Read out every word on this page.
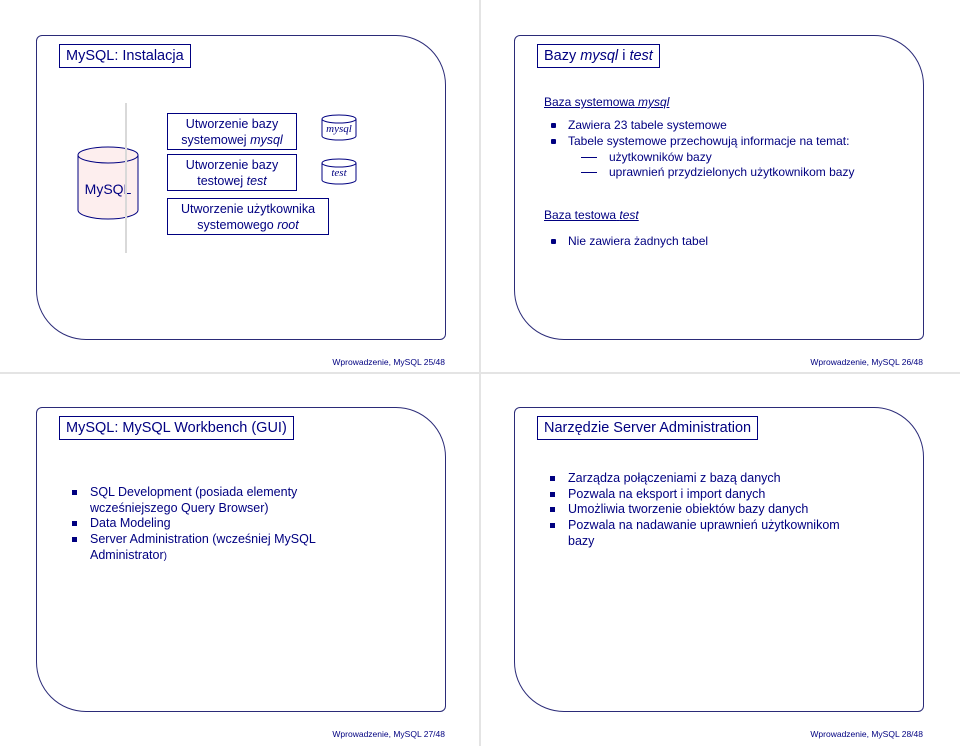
MySQL: Instalacja
MySQL
Utworzenie bazy
systemowej mysql
Utworzenie bazy
testowej test
Utworzenie użytkownika
systemowego root
mysql
test
Wprowadzenie, MySQL 25/48
Bazy mysql i test
Baza systemowa mysql
Zawiera 23 tabele systemowe
Tabele systemowe przechowują informacje na temat:
użytkowników bazy
uprawnień przydzielonych użytkownikom bazy
Baza testowa test
Nie zawiera żadnych tabel
Wprowadzenie, MySQL 26/48
MySQL: MySQL Workbench (GUI)
SQL Development (posiada elementy
wcześniejszego Query Browser)
Data Modeling
Server Administration (wcześniej MySQL
Administrator)
Wprowadzenie, MySQL 27/48
Narzędzie Server Administration
Zarządza połączeniami z bazą danych
Pozwala na eksport i import danych
Umożliwia tworzenie obiektów bazy danych
Pozwala na nadawanie uprawnień użytkownikom
bazy
Wprowadzenie, MySQL 28/48
